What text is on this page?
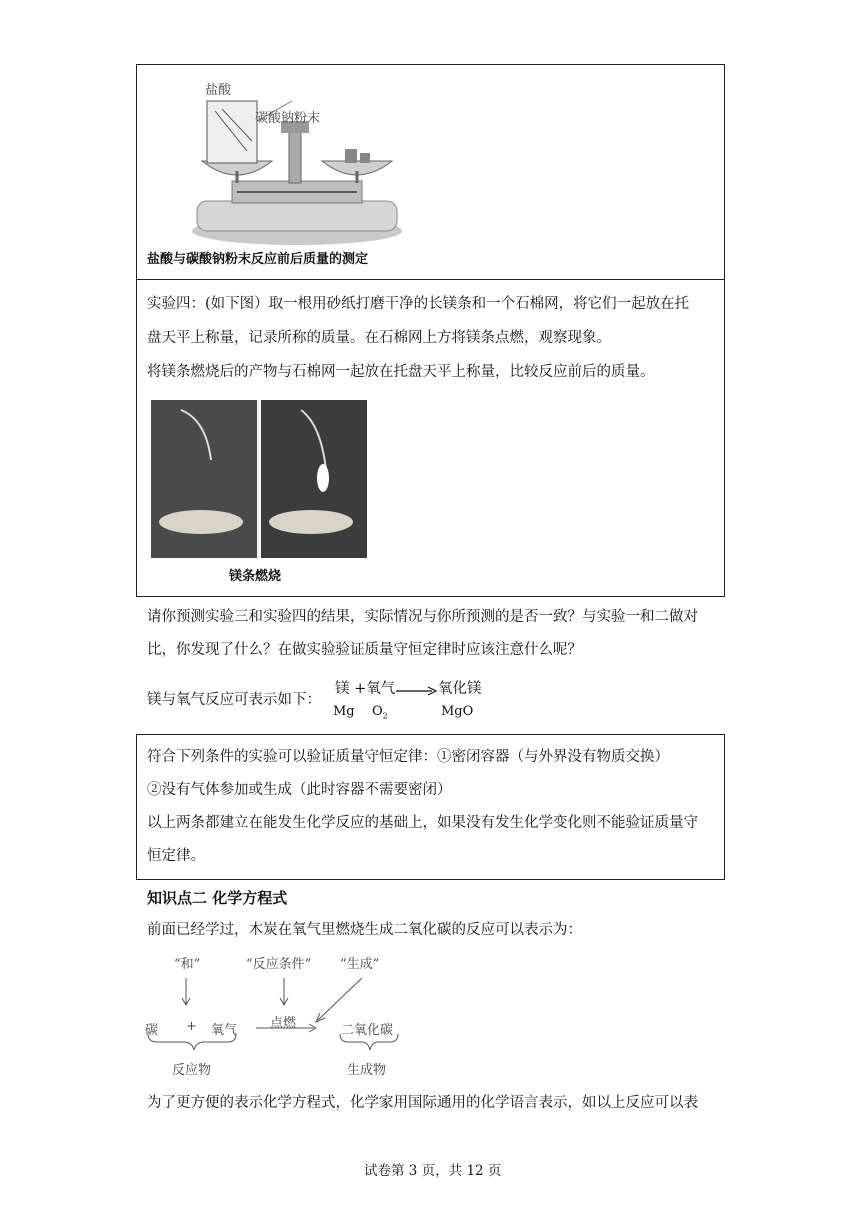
盐酸
碳酸钠粉末
盐酸与碳酸钠粉末反应前后质量的测定
实验四：(如下图）取一根用砂纸打磨干净的长镁条和一个石棉网，将它们一起放在托
盘天平上称量，记录所称的质量。在石棉网上方将镁条点燃，观察现象。
将镁条燃烧后的产物与石棉网一起放在托盘天平上称量，比较反应前后的质量。
镁条燃烧
请你预测实验三和实验四的结果，实际情况与你所预测的是否一致？与实验一和二做对
比，你发现了什么？在做实验验证质量守恒定律时应该注意什么呢？
镁与氧气反应可表示如下：
镁 +氧气 → 氧化镁
Mg $O_2$	MgO
符合下列条件的实验可以验证质量守恒定律：①密闭容器（与外界没有物质交换）
②没有气体参加或生成（此时容器不需要密闭）
以上两条都建立在能发生化学反应的基础上，如果没有发生化学变化则不能验证质量守
恒定律。
知识点二 化学方程式
前面已经学过，木炭在氧气里燃烧生成二氧化碳的反应可以表示为：
“和”	“反应条件” “生成”
碳 + 氧气	点燃	二氧化碳
反应物	生成物
为了更方便的表示化学方程式，化学家用国际通用的化学语言表示，如以上反应可以表
试卷第 3 页，共 12 页
